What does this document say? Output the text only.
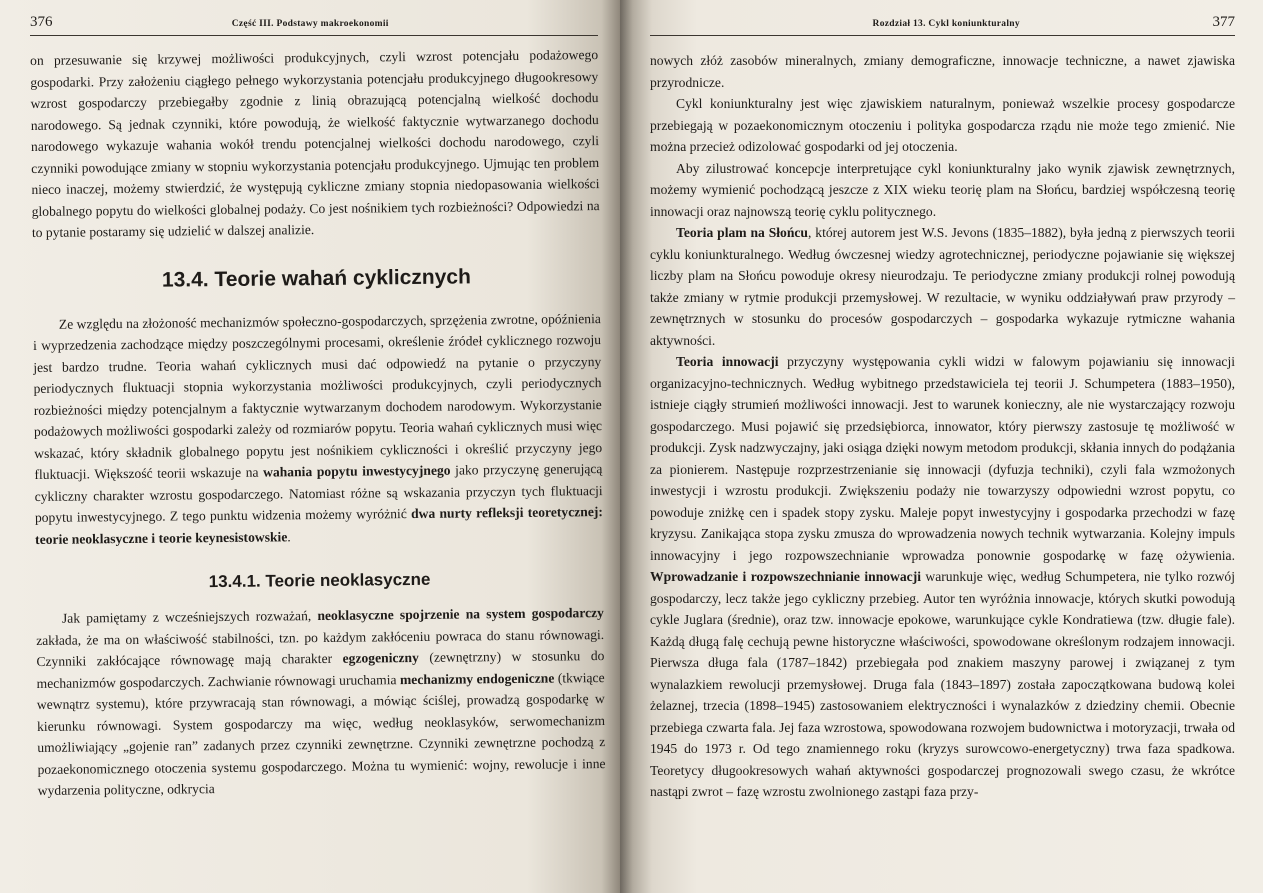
376	Część III. Podstawy makroekonomii

on przesuwanie się krzywej możliwości produkcyjnych, czyli wzrost potencjału podażowego gospodarki. Przy założeniu ciągłego pełnego wykorzystania potencjału produkcyjnego długookresowy wzrost gospodarczy przebiegałby zgodnie z linią obrazującą potencjalną wielkość dochodu narodowego. Są jednak czynniki, które powodują, że wielkość faktycznie wytwarzanego dochodu narodowego wykazuje wahania wokół trendu potencjalnej wielkości dochodu narodowego, czyli czynniki powodujące zmiany w stopniu wykorzystania potencjału produkcyjnego. Ujmując ten problem nieco inaczej, możemy stwierdzić, że występują cykliczne zmiany stopnia niedopasowania wielkości globalnego popytu do wielkości globalnej podaży. Co jest nośnikiem tych rozbieżności? Odpowiedzi na to pytanie postaramy się udzielić w dalszej analizie.

13.4. Teorie wahań cyklicznych

Ze względu na złożoność mechanizmów społeczno-gospodarczych, sprzężenia zwrotne, opóźnienia i wyprzedzenia zachodzące między poszczególnymi procesami, określenie źródeł cyklicznego rozwoju jest bardzo trudne. Teoria wahań cyklicznych musi dać odpowiedź na pytanie o przyczyny periodycznych fluktuacji stopnia wykorzystania możliwości produkcyjnych, czyli periodycznych rozbieżności między potencjalnym a faktycznie wytwarzanym dochodem narodowym. Wykorzystanie podażowych możliwości gospodarki zależy od rozmiarów popytu. Teoria wahań cyklicznych musi więc wskazać, który składnik globalnego popytu jest nośnikiem cykliczności i określić przyczyny jego fluktuacji. Większość teorii wskazuje na wahania popytu inwestycyjnego jako przyczynę generującą cykliczny charakter wzrostu gospodarczego. Natomiast różne są wskazania przyczyn tych fluktuacji popytu inwestycyjnego. Z tego punktu widzenia możemy wyróżnić dwa nurty refleksji teoretycznej: teorie neoklasyczne i teorie keynesistowskie.

13.4.1. Teorie neoklasyczne

Jak pamiętamy z wcześniejszych rozważań, neoklasyczne spojrzenie na system gospodarczy zakłada, że ma on właściwość stabilności, tzn. po każdym zakłóceniu powraca do stanu równowagi. Czynniki zakłócające równowagę mają charakter egzogeniczny (zewnętrzny) w stosunku do mechanizmów gospodarczych. Zachwianie równowagi uruchamia mechanizmy endogeniczne (tkwiące wewnątrz systemu), które przywracają stan równowagi, a mówiąc ściślej, prowadzą gospodarkę w kierunku równowagi. System gospodarczy ma więc, według neoklasyków, serwomechanizm umożliwiający „gojenie ran” zadanych przez czynniki zewnętrzne. Czynniki zewnętrzne pochodzą z pozaekonomicznego otoczenia systemu gospodarczego. Można tu wymienić: wojny, rewolucje i inne wydarzenia polityczne, odkrycia

Rozdział 13. Cykl koniunkturalny	377

nowych złóż zasobów mineralnych, zmiany demograficzne, innowacje techniczne, a nawet zjawiska przyrodnicze.

Cykl koniunkturalny jest więc zjawiskiem naturalnym, ponieważ wszelkie procesy gospodarcze przebiegają w pozaekonomicznym otoczeniu i polityka gospodarcza rządu nie może tego zmienić. Nie można przecież odizolować gospodarki od jej otoczenia.

Aby zilustrować koncepcje interpretujące cykl koniunkturalny jako wynik zjawisk zewnętrznych, możemy wymienić pochodzącą jeszcze z XIX wieku teorię plam na Słońcu, bardziej współczesną teorię innowacji oraz najnowszą teorię cyklu politycznego.

Teoria plam na Słońcu, której autorem jest W.S. Jevons (1835–1882), była jedną z pierwszych teorii cyklu koniunkturalnego. Według ówczesnej wiedzy agrotechnicznej, periodyczne pojawianie się większej liczby plam na Słońcu powoduje okresy nieurodzaju. Te periodyczne zmiany produkcji rolnej powodują także zmiany w rytmie produkcji przemysłowej. W rezultacie, w wyniku oddziaływań praw przyrody – zewnętrznych w stosunku do procesów gospodarczych – gospodarka wykazuje rytmiczne wahania aktywności.

Teoria innowacji przyczyny występowania cykli widzi w falowym pojawianiu się innowacji organizacyjno-technicznych. Według wybitnego przedstawiciela tej teorii J. Schumpetera (1883–1950), istnieje ciągły strumień możliwości innowacji. Jest to warunek konieczny, ale nie wystarczający rozwoju gospodarczego. Musi pojawić się przedsiębiorca, innowator, który pierwszy zastosuje tę możliwość w produkcji. Zysk nadzwyczajny, jaki osiąga dzięki nowym metodom produkcji, skłania innych do podążania za pionierem. Następuje rozprzestrzenianie się innowacji (dyfuzja techniki), czyli fala wzmożonych inwestycji i wzrostu produkcji. Zwiększeniu podaży nie towarzyszy odpowiedni wzrost popytu, co powoduje zniżkę cen i spadek stopy zysku. Maleje popyt inwestycyjny i gospodarka przechodzi w fazę kryzysu. Zanikająca stopa zysku zmusza do wprowadzenia nowych technik wytwarzania. Kolejny impuls innowacyjny i jego rozpowszechnianie wprowadza ponownie gospodarkę w fazę ożywienia. Wprowadzanie i rozpowszechnianie innowacji warunkuje więc, według Schumpetera, nie tylko rozwój gospodarczy, lecz także jego cykliczny przebieg. Autor ten wyróżnia innowacje, których skutki powodują cykle Juglara (średnie), oraz tzw. innowacje epokowe, warunkujące cykle Kondratiewa (tzw. długie fale). Każdą długą falę cechują pewne historyczne właściwości, spowodowane określonym rodzajem innowacji. Pierwsza długa fala (1787–1842) przebiegała pod znakiem maszyny parowej i związanej z tym wynalazkiem rewolucji przemysłowej. Druga fala (1843–1897) została zapoczątkowana budową kolei żelaznej, trzecia (1898–1945) zastosowaniem elektryczności i wynalazków z dziedziny chemii. Obecnie przebiega czwarta fala. Jej faza wzrostowa, spowodowana rozwojem budownictwa i motoryzacji, trwała od 1945 do 1973 r. Od tego znamiennego roku (kryzys surowcowo-energetyczny) trwa faza spadkowa. Teoretycy długookresowych wahań aktywności gospodarczej prognozowali swego czasu, że wkrótce nastąpi zwrot – fazę wzrostu zwolnionego zastąpi faza przy-
